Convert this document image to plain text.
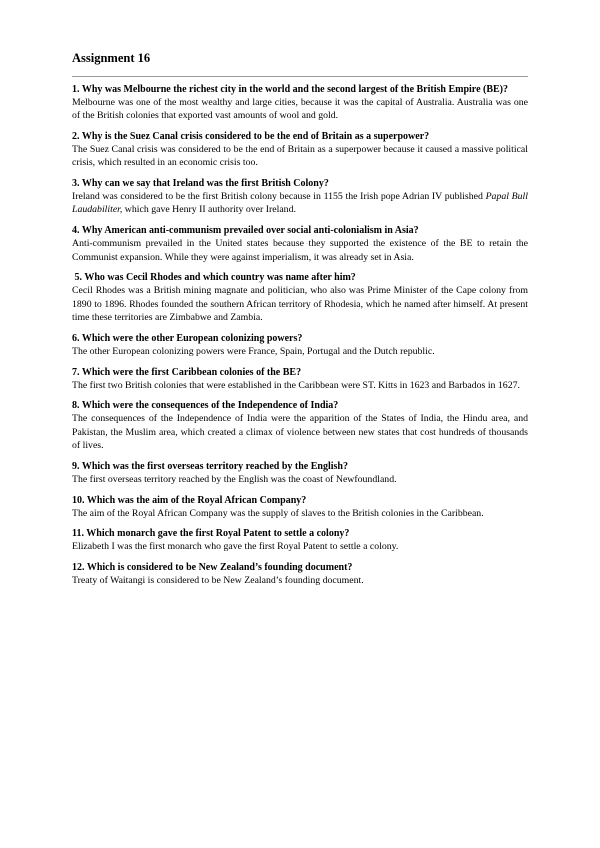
Assignment 16

1. Why was Melbourne the richest city in the world and the second largest of the British Empire (BE)?

Melbourne was one of the most wealthy and large cities, because it was the capital of Australia. Australia was one of the British colonies that exported vast amounts of wool and gold.

2. Why is the Suez Canal crisis considered to be the end of Britain as a superpower?

The Suez Canal crisis was considered to be the end of Britain as a superpower because it caused a massive political crisis, which resulted in an economic crisis too.

3. Why can we say that Ireland was the first British Colony?

Ireland was considered to be the first British colony because in 1155 the Irish pope Adrian IV published Papal Bull Laudabiliter, which gave Henry II authority over Ireland.

4. Why American anti-communism prevailed over social anti-colonialism in Asia?

Anti-communism prevailed in the United states because they supported the existence of the BE to retain the Communist expansion. While they were against imperialism, it was already set in Asia.

5. Who was Cecil Rhodes and which country was name after him?

Cecil Rhodes was a British mining magnate and politician, who also was Prime Minister of the Cape colony from 1890 to 1896. Rhodes founded the southern African territory of Rhodesia, which he named after himself. At present time these territories are Zimbabwe and Zambia.

6. Which were the other European colonizing powers?

The other European colonizing powers were France, Spain, Portugal and the Dutch republic.

7. Which were the first Caribbean colonies of the BE?

The first two British colonies that were established in the Caribbean were ST. Kitts in 1623 and Barbados in 1627.

8. Which were the consequences of the Independence of India?

The consequences of the Independence of India were the apparition of the States of India, the Hindu area, and Pakistan, the Muslim area, which created a climax of violence between new states that cost hundreds of thousands of lives.

9. Which was the first overseas territory reached by the English?

The first overseas territory reached by the English was the coast of Newfoundland.

10. Which was the aim of the Royal African Company?

The aim of the Royal African Company was the supply of slaves to the British colonies in the Caribbean.

11. Which monarch gave the first Royal Patent to settle a colony?

Elizabeth I was the first monarch who gave the first Royal Patent to settle a colony.

12. Which is considered to be New Zealand’s founding document?

Treaty of Waitangi is considered to be New Zealand’s founding document.
